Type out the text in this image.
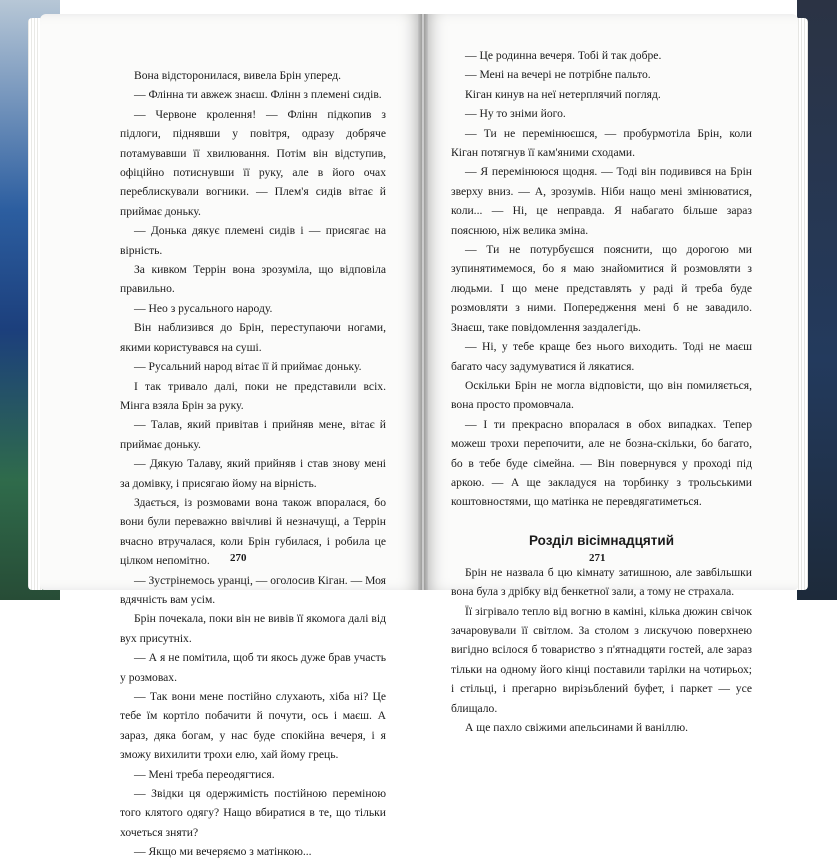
Вона відсторонилася, вивела Брін уперед.

— Флінна ти авжеж знаєш. Флінн з племені сидів.

— Червоне кролення! — Флінн підкопив з підлоги, піднявши у повітря, одразу добряче потамувавши її хвилювання. Потім він відступив, офіційно потиснувши її руку, але в його очах переблискували вогники. — Плем'я сидів вітає й приймає доньку.

— Донька дякує племені сидів і — присягає на вірність.

За кивком Террін вона зрозуміла, що відповіла правильно.

— Нео з русального народу.

Він наблизився до Брін, переступаючи ногами, якими користувався на суші.

— Русальний народ вітає її й приймає доньку.

І так тривало далі, поки не представили всіх. Мінга взяла Брін за руку.

— Талав, який привітав і прийняв мене, вітає й приймає доньку.

— Дякую Талаву, який прийняв і став знову мені за домівку, і присягаю йому на вірність.

Здається, із розмовами вона також впоралася, бо вони були переважно ввічливі й незначущі, а Террін вчасно втручалася, коли Брін губилася, і робила це цілком непомітно.

— Зустрінемось уранці, — оголосив Кіган. — Моя вдячність вам усім.

Брін почекала, поки він не вивів її якомога далі від вух присутніх.

— А я не помітила, щоб ти якось дуже брав участь у розмовах.

— Так вони мене постійно слухають, хіба ні? Це тебе їм кортіло побачити й почути, ось і маєш. А зараз, дяка богам, у нас буде спокійна вечеря, і я зможу вихилити трохи елю, хай йому грець.

— Мені треба переодягтися.

— Звідки ця одержимість постійною переміною того клятого одягу? Нащо вбиратися в те, що тільки хочеться зняти?

— Якщо ми вечеряємо з матінкою...

270

— Це родинна вечеря. Тобі й так добре.

— Мені на вечері не потрібне пальто.

Кіган кинув на неї нетерплячий погляд.

— Ну то зніми його.

— Ти не перемінюєшся, — пробурмотіла Брін, коли Кіган потягнув її кам'яними сходами.

— Я перемінююся щодня. — Тоді він подивився на Брін зверху вниз. — А, зрозумів. Ніби нащо мені змінюватися, коли... — Ні, це неправда. Я набагато більше зараз пояснюю, ніж велика зміна.

— Ти не потурбуєшся пояснити, що дорогою ми зупинятимемося, бо я маю знайомитися й розмовляти з людьми. І що мене представлять у раді й треба буде розмовляти з ними. Попередження мені б не завадило. Знаєш, таке повідомлення заздалегідь.

— Ні, у тебе краще без нього виходить. Тоді не маєш багато часу задумуватися й лякатися.

Оскільки Брін не могла відповісти, що він помиляється, вона просто промовчала.

— І ти прекрасно впоралася в обох випадках. Тепер можеш трохи перепочити, але не бозна-скільки, бо багато, бо в тебе буде сімейна. — Він повернувся у проході під аркою. — А ще закладуся на торбинку з трольськими коштовностями, що матінка не перевдягатиметься.

Розділ вісімнадцятий

Брін не назвала б цю кімнату затишною, але завбільшки вона була з дрібку від бенкетної зали, а тому не страхала.

Її зігрівало тепло від вогню в каміні, кілька дюжин свічок зачаровували її світлом. За столом з лискучою поверхнею вигідно всілося б товариство з п'ятнадцяти гостей, але зараз тільки на одному його кінці поставили тарілки на чотирьох; і стільці, і прегарно вирізьблений буфет, і паркет — усе блищало.

А ще пахло свіжими апельсинами й ваніллю.

271
